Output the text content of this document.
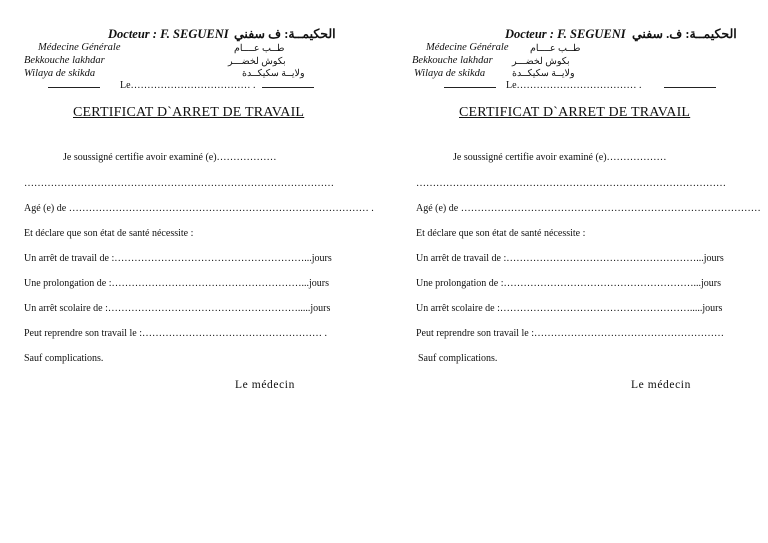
Docteur : F. SEGUENI الحكيمــة: ف سفني
Médecine Générale	طــب عــــام
Bekkouche lakhdar	بكوش لخضـــر
Wilaya de skikda	ولايــة سكيكــدة
Le……………………………… .
CERTIFICAT D`ARRET DE TRAVAIL
Je soussigné certifie avoir examiné (e)………………
…………………………………………………………………………………
Agé (e) de ……………………………………………………………………………… .
Et déclare que son état de santé nécessite :
Un arrêt de travail de :…………………………………………………...jours
Une prolongation de :…………………………………………………...jours
Un arrêt scolaire de :………………………………………………….....jours
Peut reprendre son travail le :……………………………………………… .
Sauf complications.
Le médecin
Docteur : F. SEGUENI الحكيمــة: ف. سفني
Médecine Générale طــب عــــام
Bekkouche lakhdar بكوش لخضـــر
Wilaya de skikda	ولايــة سكيكــدة
Le……………………………… .
CERTIFICAT D`ARRET DE TRAVAIL
Je soussigné certifie avoir examiné (e)………………
…………………………………………………………………………………
Agé (e) de ………………………………………………………………………………
Et déclare que son état de santé nécessite :
Un arrêt de travail de :…………………………………………………...jours
Une prolongation de :…………………………………………………...jours
Un arrêt scolaire de :………………………………………………….....jours
Peut reprendre son travail le :…………………………………………………
Sauf complications.
Le médecin
